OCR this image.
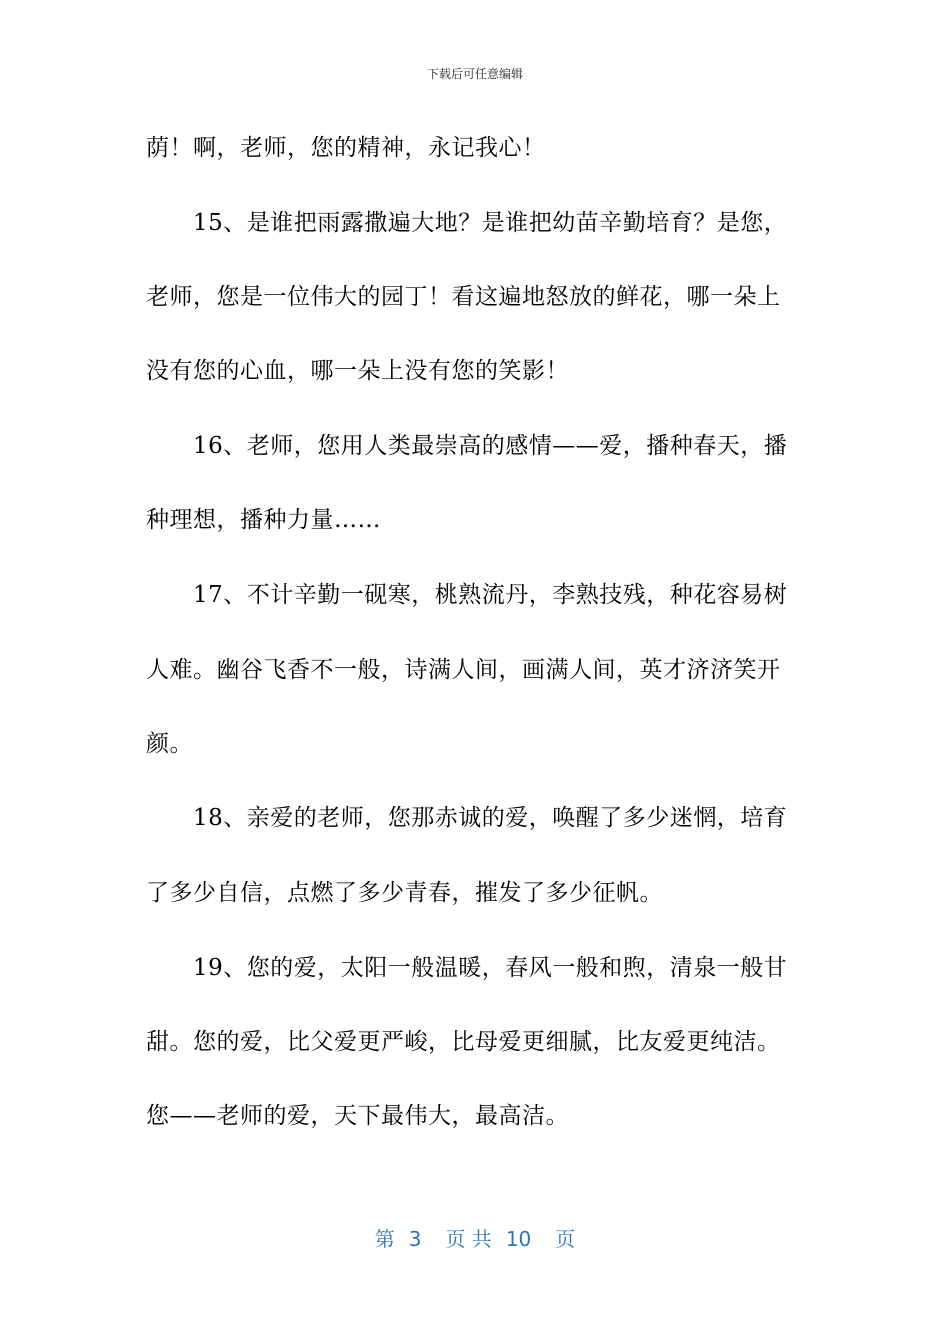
下载后可任意编辑
荫！啊，老师，您的精神，永记我心！
15、是谁把雨露撒遍大地？是谁把幼苗辛勤培育？是您，
老师，您是一位伟大的园丁！看这遍地怒放的鲜花，哪一朵上
没有您的心血，哪一朵上没有您的笑影！
16、老师，您用人类最崇高的感情——爱，播种春天，播
种理想，播种力量……
17、不计辛勤一砚寒，桃熟流丹，李熟技残，种花容易树
人难。幽谷飞香不一般，诗满人间，画满人间，英才济济笑开
颜。
18、亲爱的老师，您那赤诚的爱，唤醒了多少迷惘，培育
了多少自信，点燃了多少青春，摧发了多少征帆。
19、您的爱，太阳一般温暖，春风一般和煦，清泉一般甘
甜。您的爱，比父爱更严峻，比母爱更细腻，比友爱更纯洁。
您——老师的爱，天下最伟大，最高洁。
第 3 页 共 10 页
